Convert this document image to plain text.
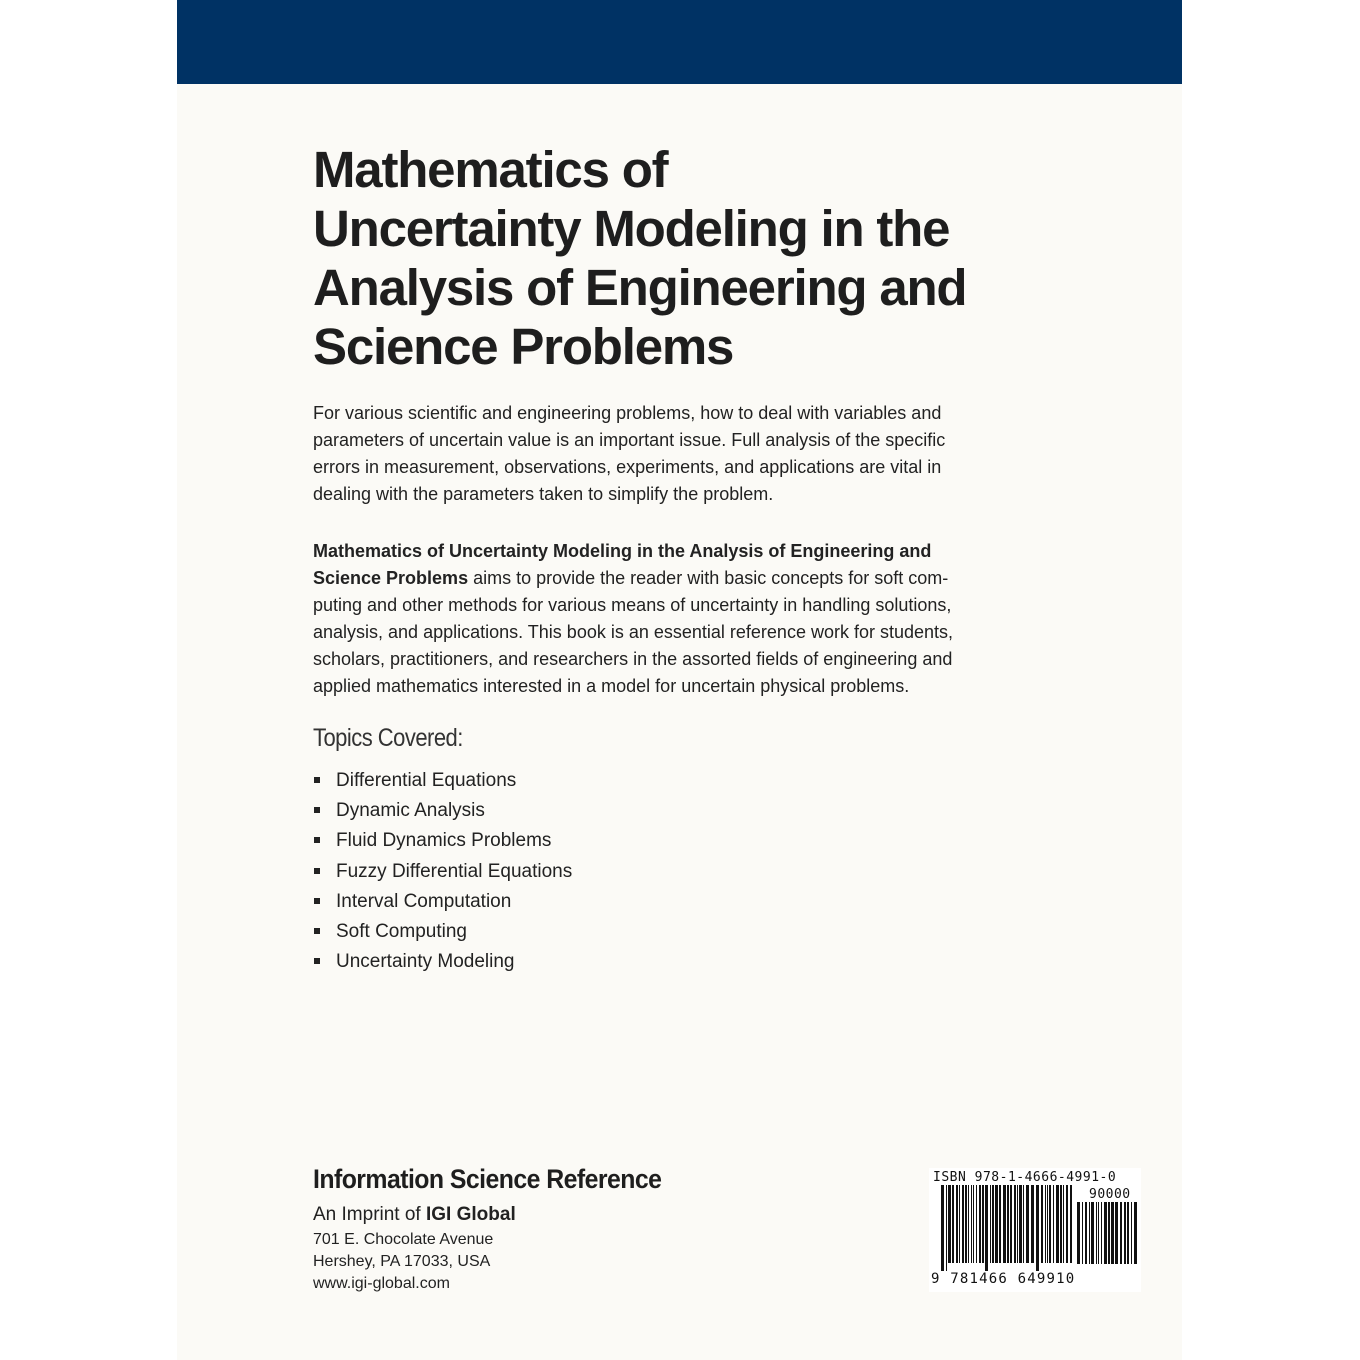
Mathematics of
Uncertainty Modeling in the
Analysis of Engineering and
Science Problems

For various scientific and engineering problems, how to deal with variables and
parameters of uncertain value is an important issue. Full analysis of the specific
errors in measurement, observations, experiments, and applications are vital in
dealing with the parameters taken to simplify the problem.

Mathematics of Uncertainty Modeling in the Analysis of Engineering and
Science Problems aims to provide the reader with basic concepts for soft com-
puting and other methods for various means of uncertainty in handling solutions,
analysis, and applications. This book is an essential reference work for students,
scholars, practitioners, and researchers in the assorted fields of engineering and
applied mathematics interested in a model for uncertain physical problems.

Topics Covered:
Differential Equations
Dynamic Analysis
Fluid Dynamics Problems
Fuzzy Differential Equations
Interval Computation
Soft Computing
Uncertainty Modeling
Information Science Reference
An Imprint of IGI Global
701 E. Chocolate Avenue
Hershey, PA 17033, USA
www.igi-global.com
ISBN 978-1-4666-4991-0
90000
9 781466 649910
